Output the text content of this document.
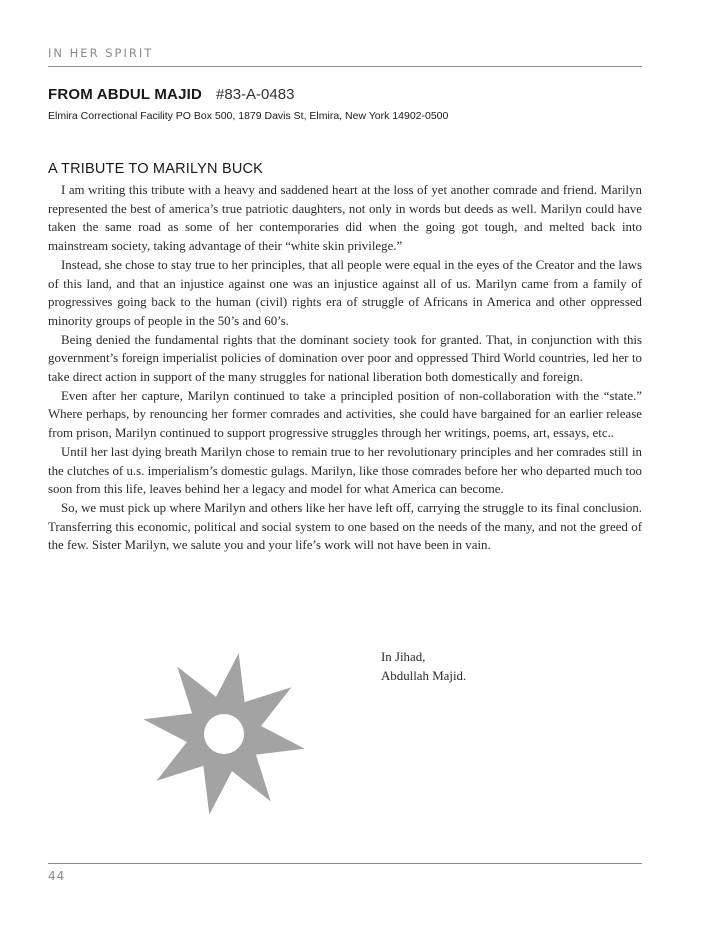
IN HER SPIRIT
FROM ABDUL MAJID #83-A-0483
Elmira Correctional Facility PO Box 500, 1879 Davis St, Elmira, New York 14902-0500
A TRIBUTE TO MARILYN BUCK

I am writing this tribute with a heavy and saddened heart at the loss of yet another comrade and friend. Marilyn represented the best of america’s true patriotic daughters, not only in words but deeds as well. Marilyn could have taken the same road as some of her contemporaries did when the going got tough, and melted back into mainstream society, taking advantage of their “white skin privilege.”

Instead, she chose to stay true to her principles, that all people were equal in the eyes of the Creator and the laws of this land, and that an injustice against one was an injustice against all of us. Marilyn came from a family of progressives going back to the human (civil) rights era of struggle of Africans in America and other oppressed minority groups of people in the 50’s and 60’s.

Being denied the fundamental rights that the dominant society took for granted. That, in conjunction with this government’s foreign imperialist policies of domination over poor and oppressed Third World countries, led her to take direct action in support of the many struggles for national liberation both domestically and foreign.

Even after her capture, Marilyn continued to take a principled position of non-collaboration with the “state.” Where perhaps, by renouncing her former comrades and activities, she could have bargained for an earlier release from prison, Marilyn continued to support progressive struggles through her writings, poems, art, essays, etc..

Until her last dying breath Marilyn chose to remain true to her revolutionary principles and her comrades still in the clutches of u.s. imperialism’s domestic gulags. Marilyn, like those comrades before her who departed much too soon from this life, leaves behind her a legacy and model for what America can become.

So, we must pick up where Marilyn and others like her have left off, carrying the struggle to its final conclusion. Transferring this economic, political and social system to one based on the needs of the many, and not the greed of the few. Sister Marilyn, we salute you and your life’s work will not have been in vain.

In Jihad,
Abdullah Majid.
44
